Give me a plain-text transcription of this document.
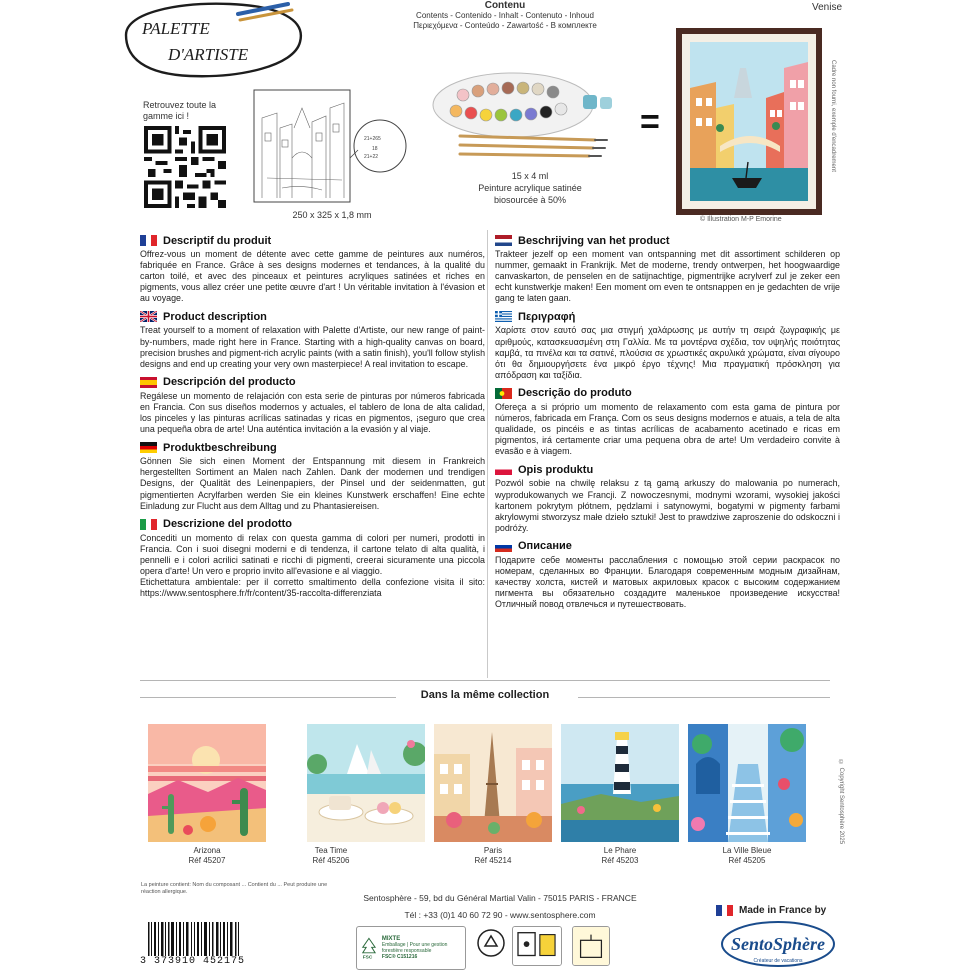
PALETTE
D'ARTISTE
Contenu
Contents - Contenido - Inhalt - Contenuto - Inhoud
Περιεχόμενα - Conteúdo - Zawartość - В комплекте
Venise
Retrouvez toute la gamme ici !
21+265
18
21+22
250 x 325 x 1,8 mm
15 x 4 ml
Peinture acrylique satinée
biosourcée à 50%
=	Cadre non fourni, exemple d'encadrement
© Illustration M-P Emorine
Descriptif du produit

Offrez-vous un moment de détente avec cette gamme de peintures aux numéros, fabriquée en France. Grâce à ses designs modernes et tendances, à la qualité du carton toilé, et avec des pinceaux et peintures acryliques satinées et riches en pigments, vous allez créer une petite œuvre d'art ! Un véritable invitation à l'évasion et au voyage.

Product description

Treat yourself to a moment of relaxation with Palette d'Artiste, our new range of paint-by-numbers, made right here in France. Starting with a high-quality canvas on board, precision brushes and pigment-rich acrylic paints (with a satin finish), you'll follow stylish designs and end up creating your very own masterpiece! A real invitation to escape.

Descripción del producto

Regálese un momento de relajación con esta serie de pinturas por números fabricada en Francia. Con sus diseños modernos y actuales, el tablero de lona de alta calidad, los pinceles y las pinturas acrílicas satinadas y ricas en pigmentos, ¡seguro que crea una pequeña obra de arte! Una auténtica invitación a la evasión y al viaje.

Produktbeschreibung

Gönnen Sie sich einen Moment der Entspannung mit diesem in Frankreich hergestellten Sortiment an Malen nach Zahlen. Dank der modernen und trendigen Designs, der Qualität des Leinenpapiers, der Pinsel und der seidenmatten, gut pigmentierten Acrylfarben werden Sie ein kleines Kunstwerk erschaffen! Eine echte Einladung zur Flucht aus dem Alltag und zu Phantasiereisen.

Descrizione del prodotto

Concediti un momento di relax con questa gamma di colori per numeri, prodotti in Francia. Con i suoi disegni moderni e di tendenza, il cartone telato di alta qualità, i pennelli e i colori acrilici satinati e ricchi di pigmenti, creerai sicuramente una piccola opera d'arte! Un vero e proprio invito all'evasione e al viaggio.

Etichettatura ambientale: per il corretto smaltimento della confezione visita il sito: https://www.sentosphere.fr/fr/content/35-raccolta-differenziata

Beschrijving van het product

Trakteer jezelf op een moment van ontspanning met dit assortiment schilderen op nummer, gemaakt in Frankrijk. Met de moderne, trendy ontwerpen, het hoogwaardige canvaskarton, de penselen en de satijnachtige, pigmentrijke acrylverf zul je zeker een echt kunstwerkje maken! Een moment om even te ontsnappen en je gedachten de vrije gang te laten gaan.

Περιγραφή

Χαρίστε στον εαυτό σας μια στιγμή χαλάρωσης με αυτήν τη σειρά ζωγραφικής με αριθμούς, κατασκευασμένη στη Γαλλία. Με τα μοντέρνα σχέδια, τον υψηλής ποιότητας καμβά, τα πινέλα και τα σατινέ, πλούσια σε χρωστικές ακρυλικά χρώματα, είναι σίγουρο ότι θα δημιουργήσετε ένα μικρό έργο τέχνης! Μια πραγματική πρόσκληση για απόδραση και ταξίδια.

Descrição do produto

Ofereça a si próprio um momento de relaxamento com esta gama de pintura por números, fabricada em França. Com os seus designs modernos e atuais, a tela de alta qualidade, os pincéis e as tintas acrílicas de acabamento acetinado e ricas em pigmentos, irá certamente criar uma pequena obra de arte! Um verdadeiro convite à evasão e à viagem.

Opis produktu

Pozwól sobie na chwilę relaksu z tą gamą arkuszy do malowania po numerach, wyprodukowanych we Francji. Z nowoczesnymi, modnymi wzorami, wysokiej jakości kartonem pokrytym płótnem, pędzlami i satynowymi, bogatymi w pigmenty farbami akrylowymi stworzysz małe dzieło sztuki! Jest to prawdziwe zaproszenie do odskoczni i podróży.

Описание

Подарите себе моменты расслабления с помощью этой серии раскрасок по номерам, сделанных во Франции. Благодаря современным модным дизайнам, качеству холста, кистей и матовых акриловых красок с высоким содержанием пигмента вы обязательно создадите маленькое произведение искусства! Отличный повод отвлечься и путешествовать.

Dans la même collection
Arizona
Réf 45207
Tea Time
Réf 45206
Paris
Réf 45214
Le Phare
Réf 45203
La Ville Bleue
Réf 45205
© Copyright Sentosphère 2025
La peinture contient: Nom du composant ... Contient du ... Peut produire une réaction allergique.
Sentosphère - 59, bd du Général Martial Valin - 75015 PARIS - FRANCE
Tél : +33 (0)1 40 60 72 90 - www.sentosphere.com	Made in France by
3 373910 452175	FSC
MIXTE
Emballage | Pour une gestion forestière responsable
FSC® C151216
SentoSphère
Créateur de vacations
